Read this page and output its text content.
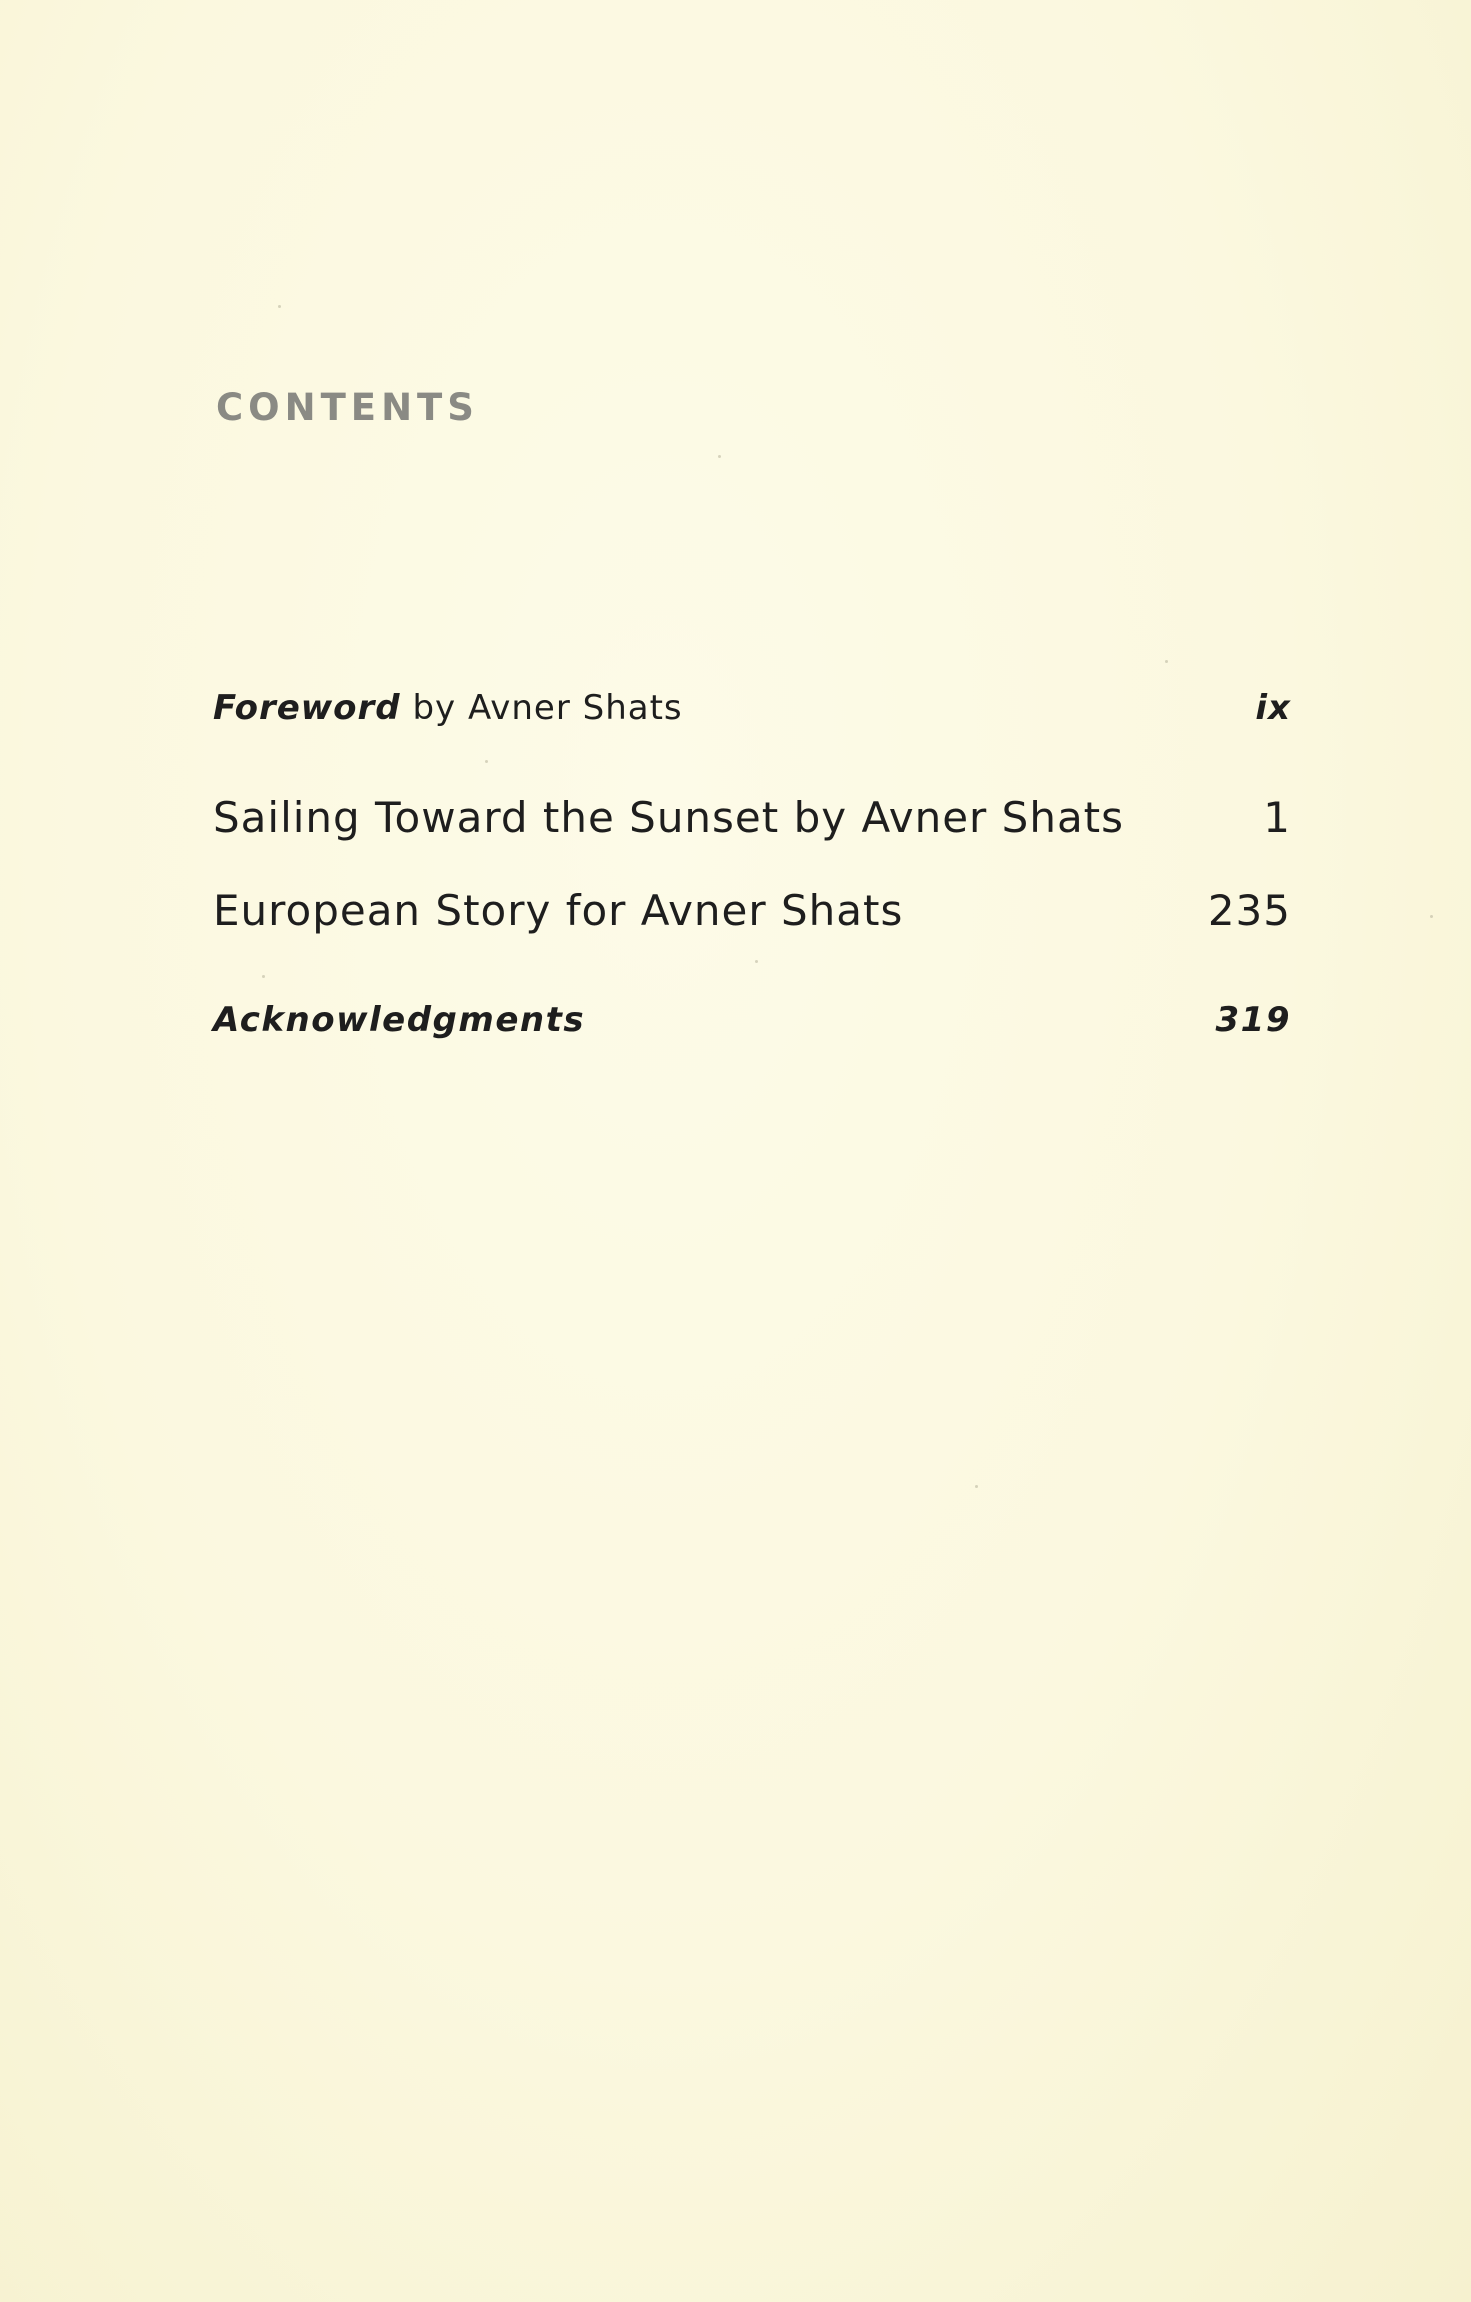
CONTENTS
Foreword by Avner Shats	ix
Sailing Toward the Sunset by Avner Shats	1
European Story for Avner Shats	235
Acknowledgments	319
